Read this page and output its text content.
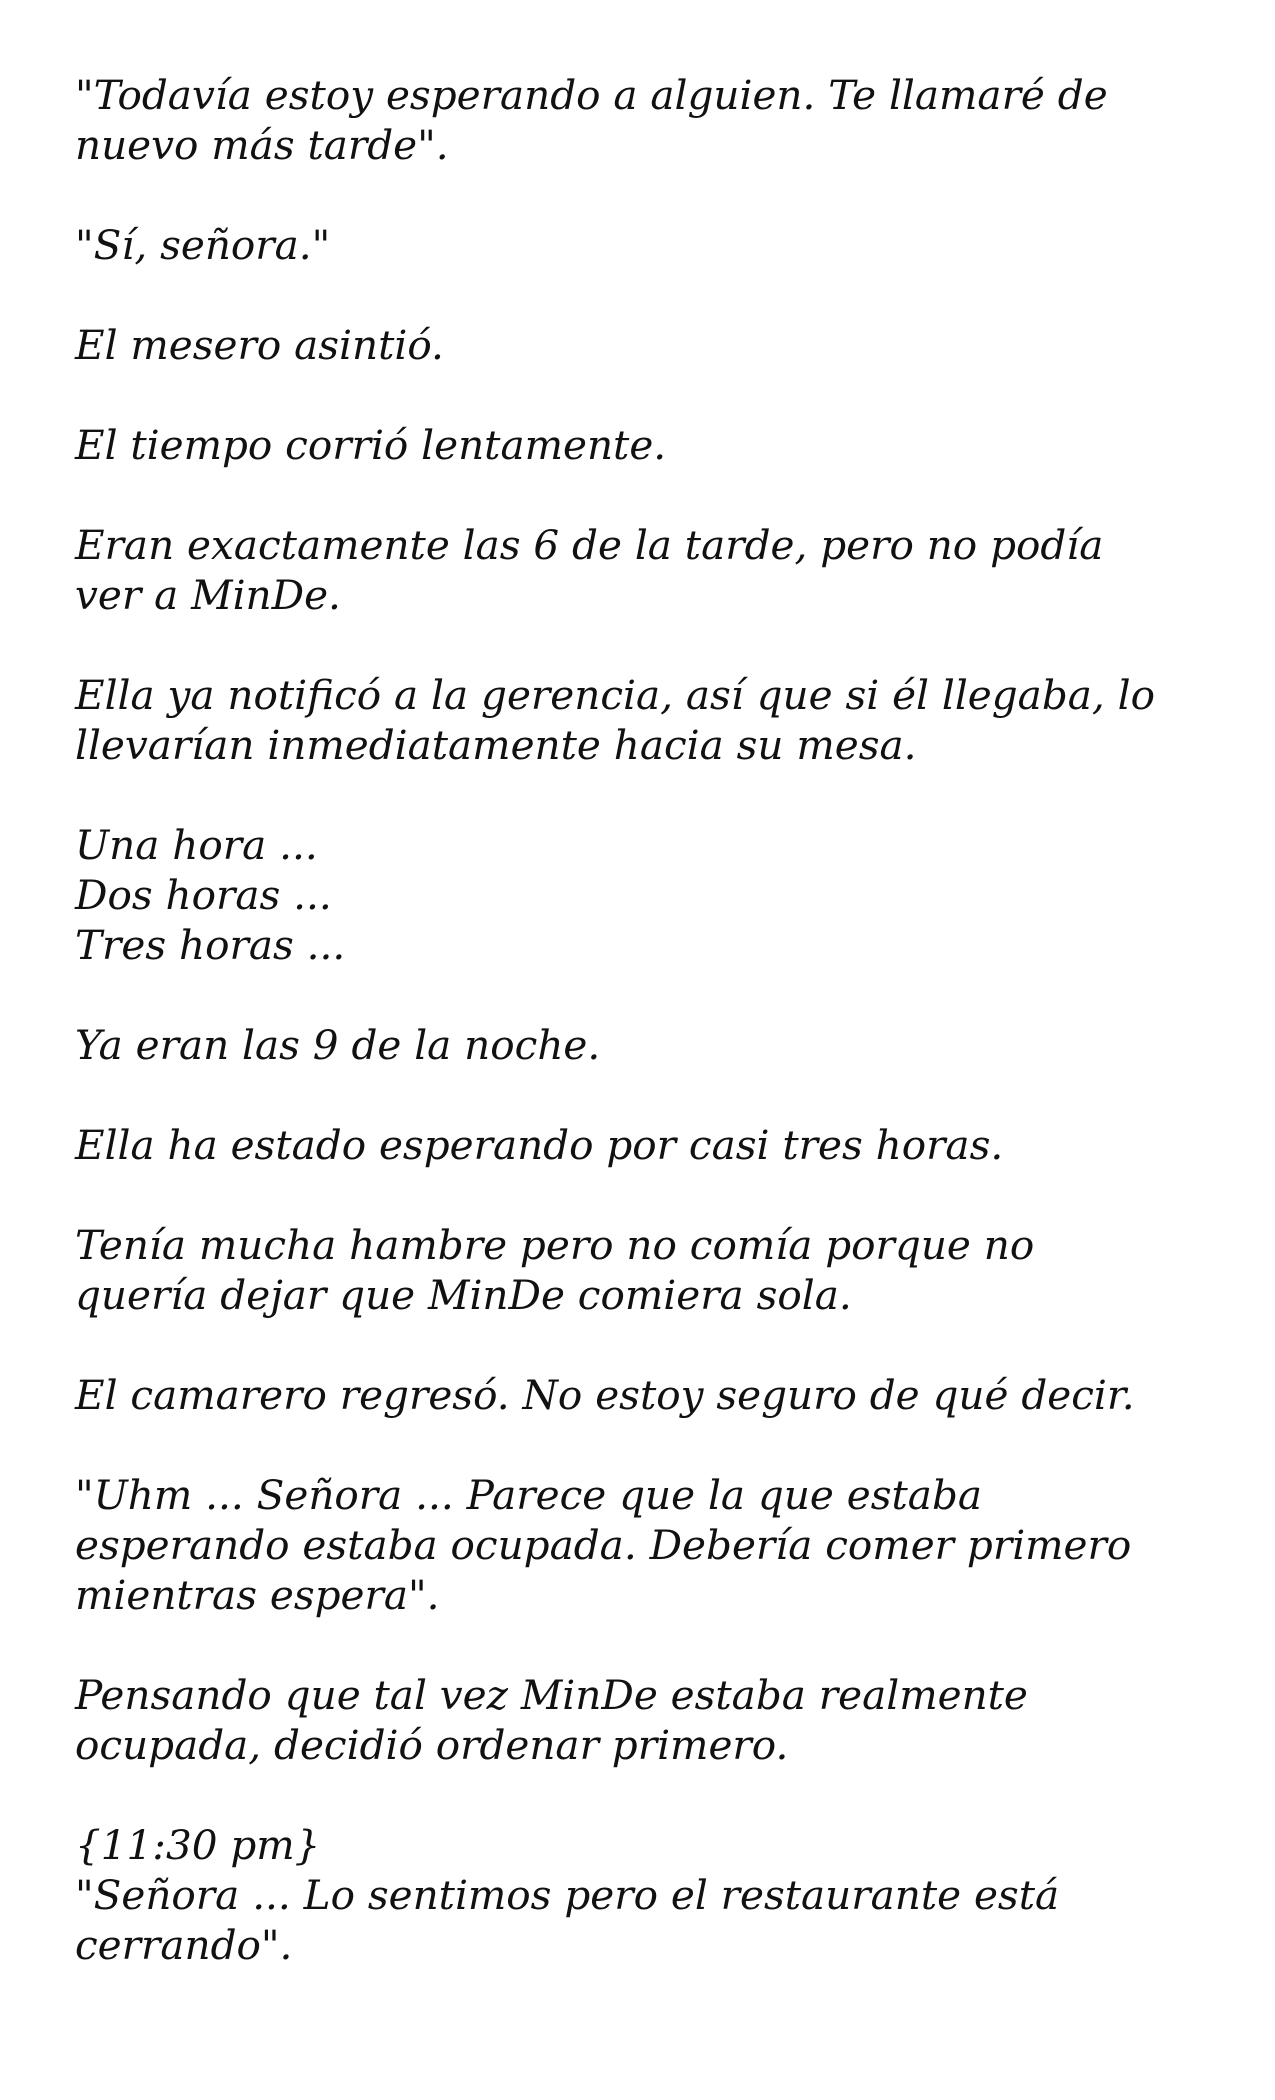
"Todavía estoy esperando a alguien. Te llamaré de
nuevo más tarde".

"Sí, señora."

El mesero asintió.

El tiempo corrió lentamente.

Eran exactamente las 6 de la tarde, pero no podía
ver a MinDe.

Ella ya notificó a la gerencia, así que si él llegaba, lo
llevarían inmediatamente hacia su mesa.

Una hora ...
Dos horas ...
Tres horas ...

Ya eran las 9 de la noche.

Ella ha estado esperando por casi tres horas.

Tenía mucha hambre pero no comía porque no
quería dejar que MinDe comiera sola.

El camarero regresó. No estoy seguro de qué decir.

"Uhm ... Señora ... Parece que la que estaba
esperando estaba ocupada. Debería comer primero
mientras espera".

Pensando que tal vez MinDe estaba realmente
ocupada, decidió ordenar primero.

{11:30 pm}
"Señora ... Lo sentimos pero el restaurante está
cerrando".
